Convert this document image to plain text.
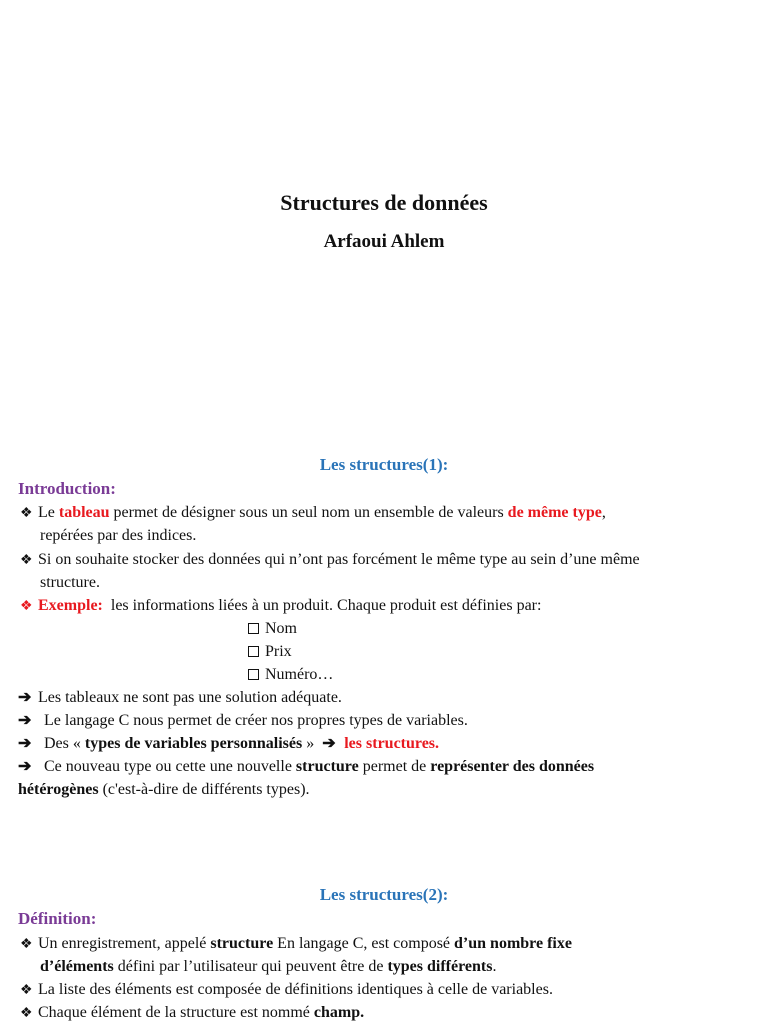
Structures de données
Arfaoui Ahlem
Les structures(1):
Introduction:
❖ Le tableau permet de désigner sous un seul nom un ensemble de valeurs de même type,
repérées par des indices.
❖ Si on souhaite stocker des données qui n’ont pas forcément le même type au sein d’une même
structure.
❖ Exemple: les informations liées à un produit. Chaque produit est définies par:
Nom
Prix
Numéro…
➔ Les tableaux ne sont pas une solution adéquate.
➔ Le langage C nous permet de créer nos propres types de variables.
➔ Des « types de variables personnalisés » ➔ les structures.
➔ Ce nouveau type ou cette une nouvelle structure permet de représenter des données
hétérogènes (c'est-à-dire de différents types).
Les structures(2):
Définition:
❖ Un enregistrement, appelé structure En langage C, est composé d’un nombre fixe
d’éléments défini par l’utilisateur qui peuvent être de types différents.
❖ La liste des éléments est composée de définitions identiques à celle de variables.
❖ Chaque élément de la structure est nommé champ.
